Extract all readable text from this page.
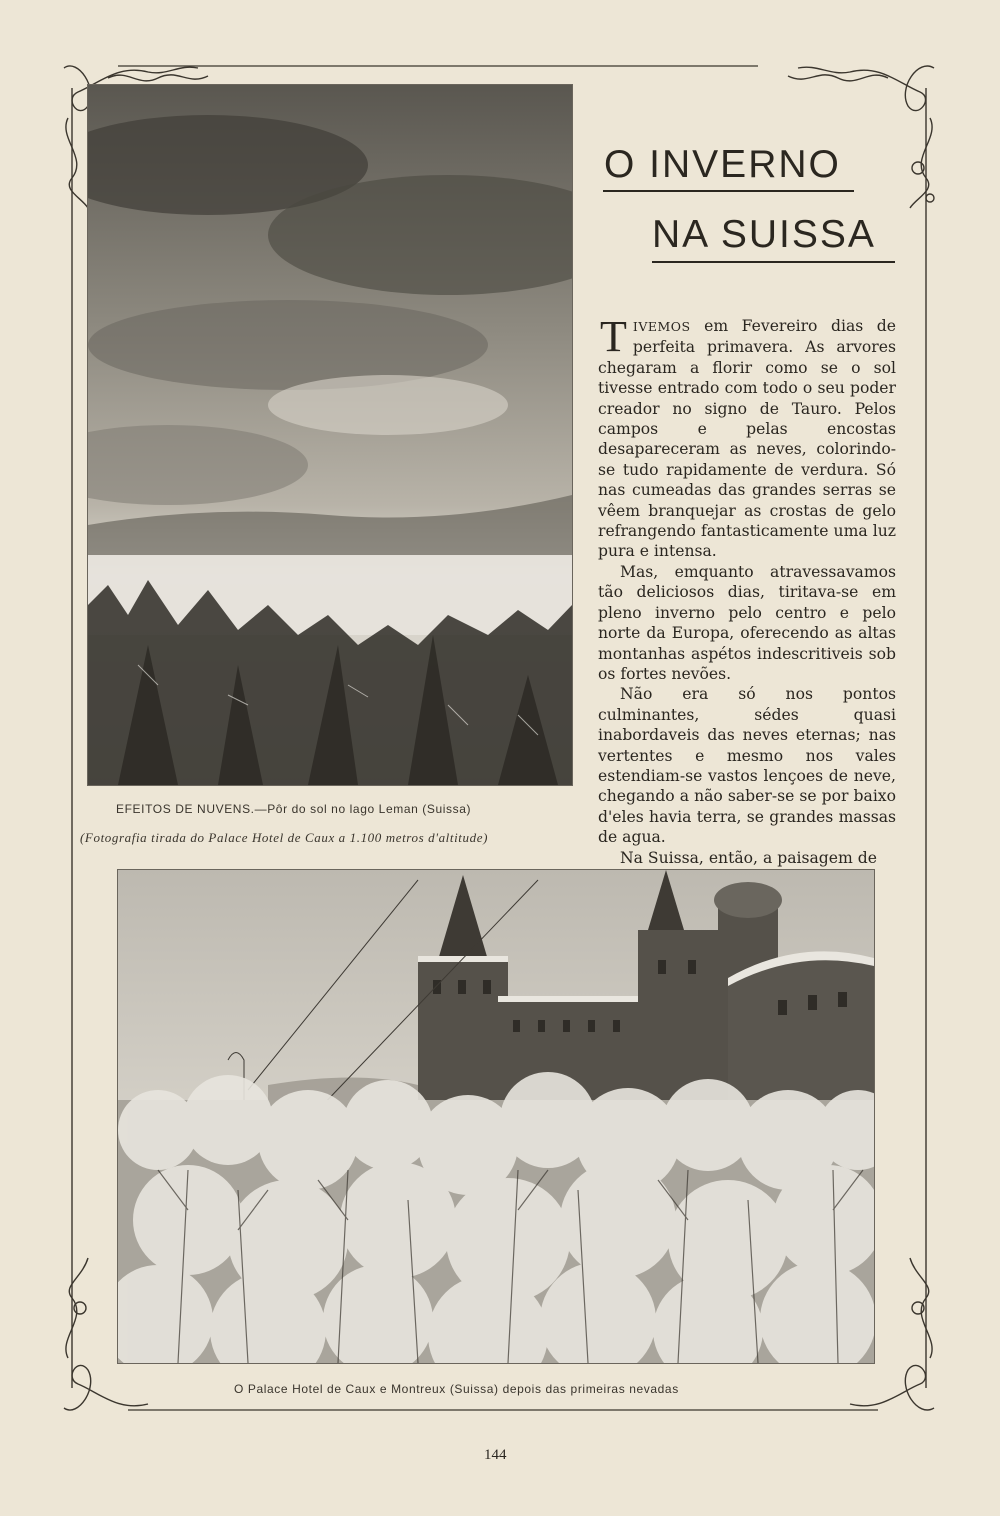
EFEITOS DE NUVENS.—Pôr do sol no lago Leman (Suissa)
(Fotografia tirada do Palace Hotel de Caux a 1.100 metros d'altitude)
O INVERNO
NA SUISSA

TIVEMOS em Fevereiro dias de perfeita primavera. As arvores chegaram a florir como se o sol tivesse entrado com todo o seu poder creador no signo de Tauro. Pelos campos e pelas encostas desapareceram as neves, colorindo-se tudo rapidamente de verdura. Só nas cumeadas das grandes serras se vêem branquejar as crostas de gelo refrangendo fantasticamente uma luz pura e intensa.

Mas, emquanto atravessavamos tão deliciosos dias, tiritava-se em pleno inverno pelo centro e pelo norte da Europa, oferecendo as altas montanhas aspétos indescritiveis sob os fortes nevões.

Não era só nos pontos culminantes, sédes quasi inabordaveis das neves eternas; nas vertentes e mesmo nos vales estendiam-se vastos lençoes de neve, chegando a não saber-se se por baixo d'eles havia terra, se grandes massas de agua.

Na Suissa, então, a paisagem de

O Palace Hotel de Caux e Montreux (Suissa) depois das primeiras nevadas
144
